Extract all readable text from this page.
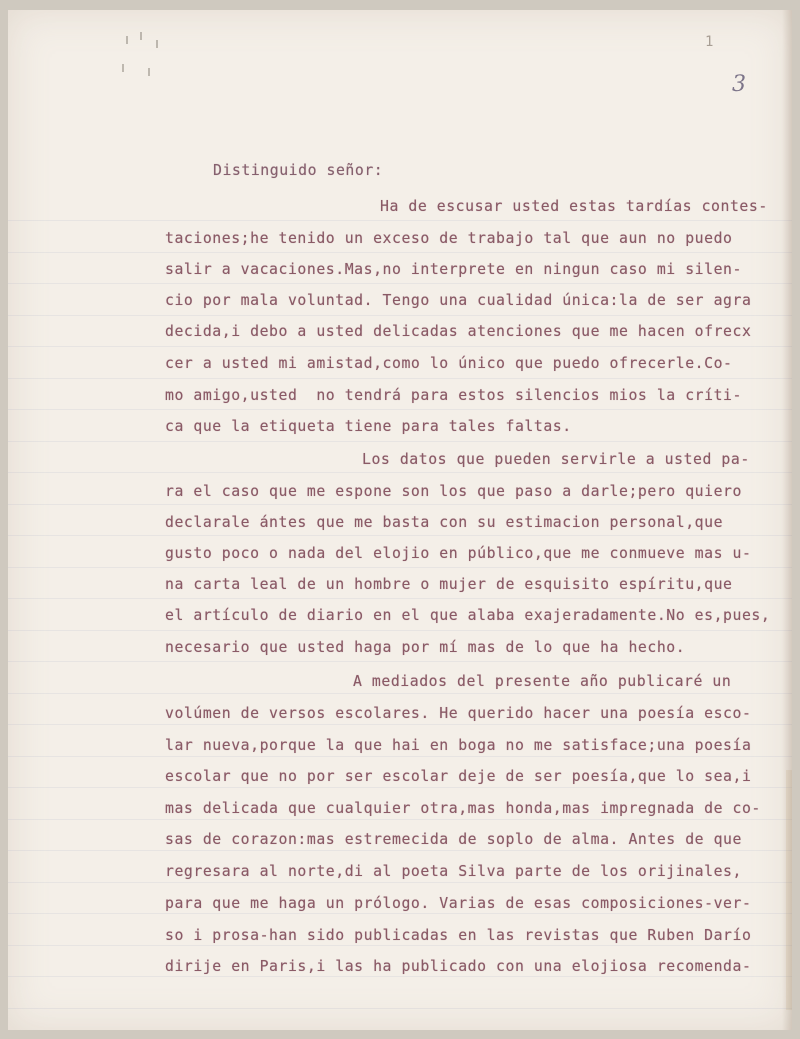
1
3
Distinguido señor:
Ha de escusar usted estas tardías contes-
taciones;he tenido un exceso de trabajo tal que aun no puedo
salir a vacaciones.Mas,no interprete en ningun caso mi silen-
cio por mala voluntad. Tengo una cualidad única:la de ser agra
decida,i debo a usted delicadas atenciones que me hacen ofrecx
cer a usted mi amistad,como lo único que puedo ofrecerle.Co-
mo amigo,usted  no tendrá para estos silencios mios la críti-
ca que la etiqueta tiene para tales faltas.
Los datos que pueden servirle a usted pa-
ra el caso que me espone son los que paso a darle;pero quiero
declarale ántes que me basta con su estimacion personal,que
gusto poco o nada del elojio en público,que me conmueve mas u-
na carta leal de un hombre o mujer de esquisito espíritu,que
el artículo de diario en el que alaba exajeradamente.No es,pues,
necesario que usted haga por mí mas de lo que ha hecho.
A mediados del presente año publicaré un
volúmen de versos escolares. He querido hacer una poesía esco-
lar nueva,porque la que hai en boga no me satisface;una poesía
escolar que no por ser escolar deje de ser poesía,que lo sea,i
mas delicada que cualquier otra,mas honda,mas impregnada de co-
sas de corazon:mas estremecida de soplo de alma. Antes de que
regresara al norte,di al poeta Silva parte de los orijinales,
para que me haga un prólogo. Varias de esas composiciones-ver-
so i prosa-han sido publicadas en las revistas que Ruben Darío
dirije en Paris,i las ha publicado con una elojiosa recomenda-
